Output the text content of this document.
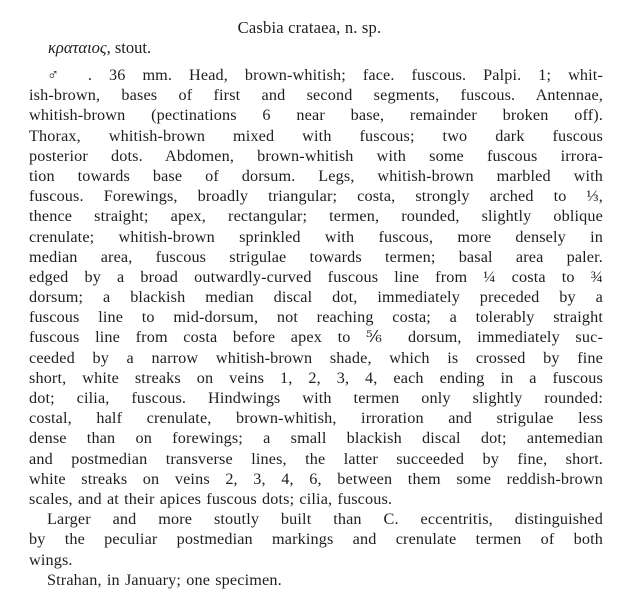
Casbia crataea, n. sp.
κραταιος, stout.
♂ . 36 mm. Head, brown-whitish; face. fuscous. Palpi. 1; whit-
ish-brown, bases of first and second segments, fuscous. Antennae,
whitish-brown (pectinations 6 near base, remainder broken off).
Thorax, whitish-brown mixed with fuscous; two dark fuscous
posterior dots. Abdomen, brown-whitish with some fuscous irrora-
tion towards base of dorsum. Legs, whitish-brown marbled with
fuscous. Forewings, broadly triangular; costa, strongly arched to ⅓,
thence straight; apex, rectangular; termen, rounded, slightly oblique
crenulate; whitish-brown sprinkled with fuscous, more densely in
median area, fuscous strigulae towards termen; basal area paler.
edged by a broad outwardly-curved fuscous line from ¼ costa to ¾
dorsum; a blackish median discal dot, immediately preceded by a
fuscous line to mid-dorsum, not reaching costa; a tolerably straight
fuscous line from costa before apex to ⅚ dorsum, immediately suc-
ceeded by a narrow whitish-brown shade, which is crossed by fine
short, white streaks on veins 1, 2, 3, 4, each ending in a fuscous
dot; cilia, fuscous. Hindwings with termen only slightly rounded:
costal, half crenulate, brown-whitish, irroration and strigulae less
dense than on forewings; a small blackish discal dot; antemedian
and postmedian transverse lines, the latter succeeded by fine, short.
white streaks on veins 2, 3, 4, 6, between them some reddish-brown
scales, and at their apices fuscous dots; cilia, fuscous.
Larger and more stoutly built than C. eccentritis, distinguished
by the peculiar postmedian markings and crenulate termen of both
wings.
Strahan, in January; one specimen.
